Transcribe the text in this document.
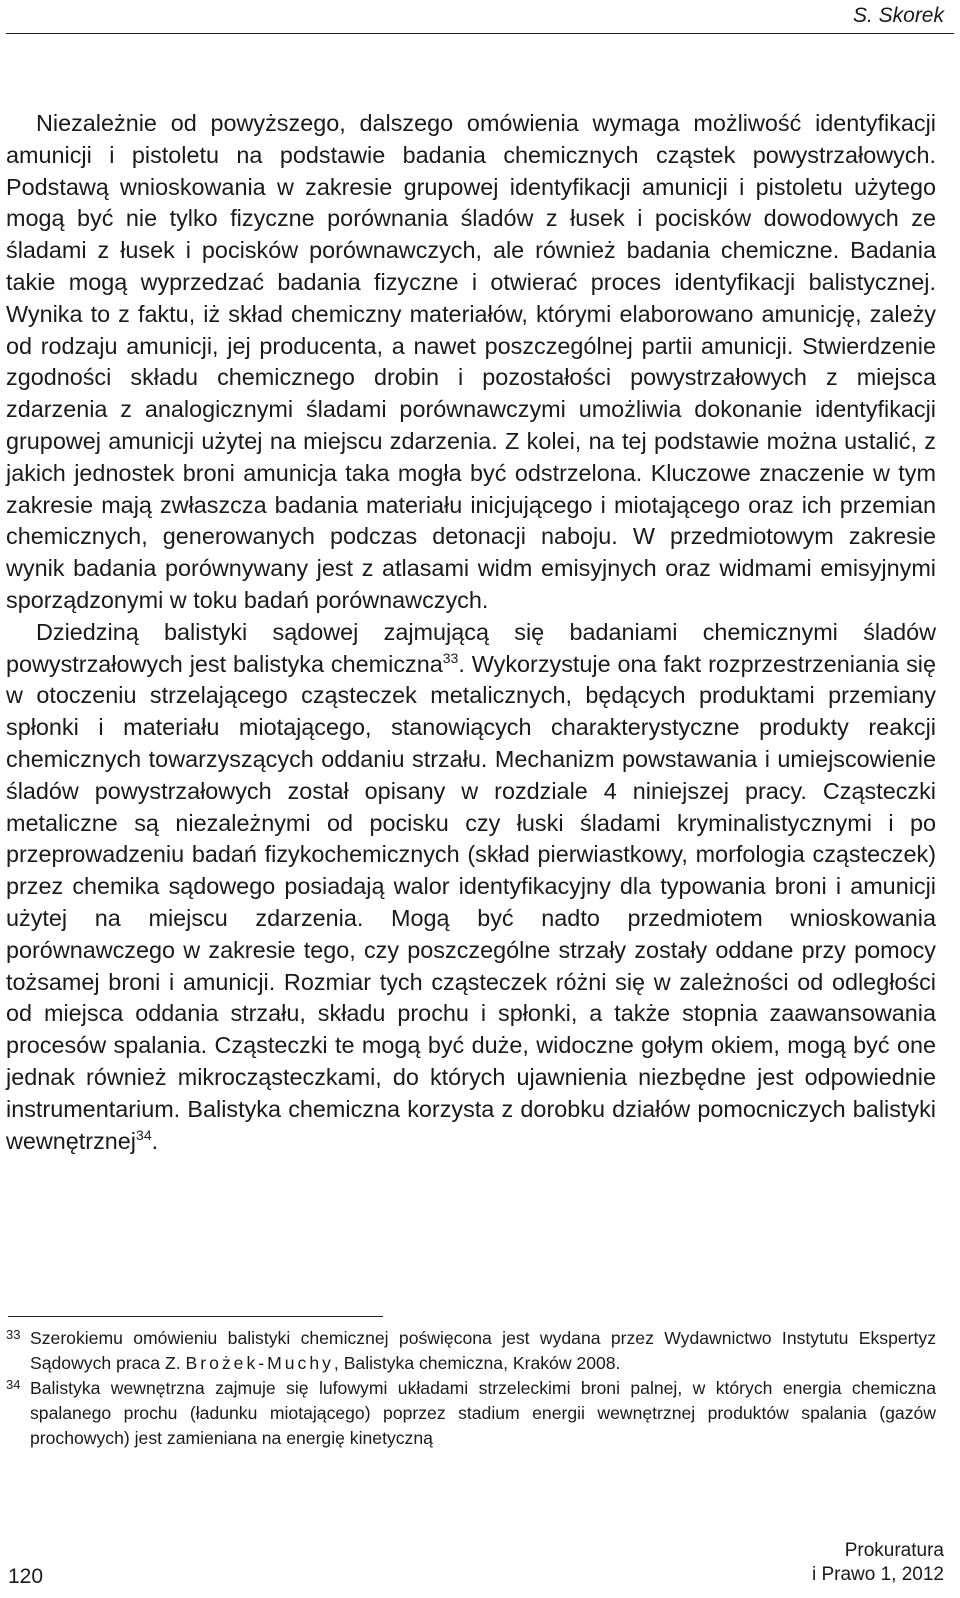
S. Skorek

Niezależnie od powyższego, dalszego omówienia wymaga możliwość identyfikacji amunicji i pistoletu na podstawie badania chemicznych cząstek powystrzałowych. Podstawą wnioskowania w zakresie grupowej identyfikacji amunicji i pistoletu użytego mogą być nie tylko fizyczne porównania śladów z łusek i pocisków dowodowych ze śladami z łusek i pocisków porównawczych, ale również badania chemiczne. Badania takie mogą wyprzedzać badania fizyczne i otwierać proces identyfikacji balistycznej. Wynika to z faktu, iż skład chemiczny materiałów, którymi elaborowano amunicję, zależy od rodzaju amunicji, jej producenta, a nawet poszczególnej partii amunicji. Stwierdzenie zgodności składu chemicznego drobin i pozostałości powystrzałowych z miejsca zdarzenia z analogicznymi śladami porównawczymi umożliwia dokonanie identyfikacji grupowej amunicji użytej na miejscu zdarzenia. Z kolei, na tej podstawie można ustalić, z jakich jednostek broni amunicja taka mogła być odstrzelona. Kluczowe znaczenie w tym zakresie mają zwłaszcza badania materiału inicjującego i miotającego oraz ich przemian chemicznych, generowanych podczas detonacji naboju. W przedmiotowym zakresie wynik badania porównywany jest z atlasami widm emisyjnych oraz widmami emisyjnymi sporządzonymi w toku badań porównawczych.

Dziedziną balistyki sądowej zajmującą się badaniami chemicznymi śladów powystrzałowych jest balistyka chemiczna$^{33}$. Wykorzystuje ona fakt rozprzestrzeniania się w otoczeniu strzelającego cząsteczek metalicznych, będących produktami przemiany spłonki i materiału miotającego, stanowiących charakterystyczne produkty reakcji chemicznych towarzyszących oddaniu strzału. Mechanizm powstawania i umiejscowienie śladów powystrzałowych został opisany w rozdziale 4 niniejszej pracy. Cząsteczki metaliczne są niezależnymi od pocisku czy łuski śladami kryminalistycznymi i po przeprowadzeniu badań fizykochemicznych (skład pierwiastkowy, morfologia cząsteczek) przez chemika sądowego posiadają walor identyfikacyjny dla typowania broni i amunicji użytej na miejscu zdarzenia. Mogą być nadto przedmiotem wnioskowania porównawczego w zakresie tego, czy poszczególne strzały zostały oddane przy pomocy tożsamej broni i amunicji. Rozmiar tych cząsteczek różni się w zależności od odległości od miejsca oddania strzału, składu prochu i spłonki, a także stopnia zaawansowania procesów spalania. Cząsteczki te mogą być duże, widoczne gołym okiem, mogą być one jednak również mikrocząsteczkami, do których ujawnienia niezbędne jest odpowiednie instrumentarium. Balistyka chemiczna korzysta z dorobku działów pomocniczych balistyki wewnętrznej$^{34}$.

33 Szerokiemu omówieniu balistyki chemicznej poświęcona jest wydana przez Wydawnictwo Instytutu Ekspertyz Sądowych praca Z. Brożek-Muchy, Balistyka chemiczna, Kraków 2008.
34 Balistyka wewnętrzna zajmuje się lufowymi układami strzeleckimi broni palnej, w których energia chemiczna spalanego prochu (ładunku miotającego) poprzez stadium energii wewnętrznej produktów spalania (gazów prochowych) jest zamieniana na energię kinetyczną
120
Prokuratura
i Prawo 1, 2012
